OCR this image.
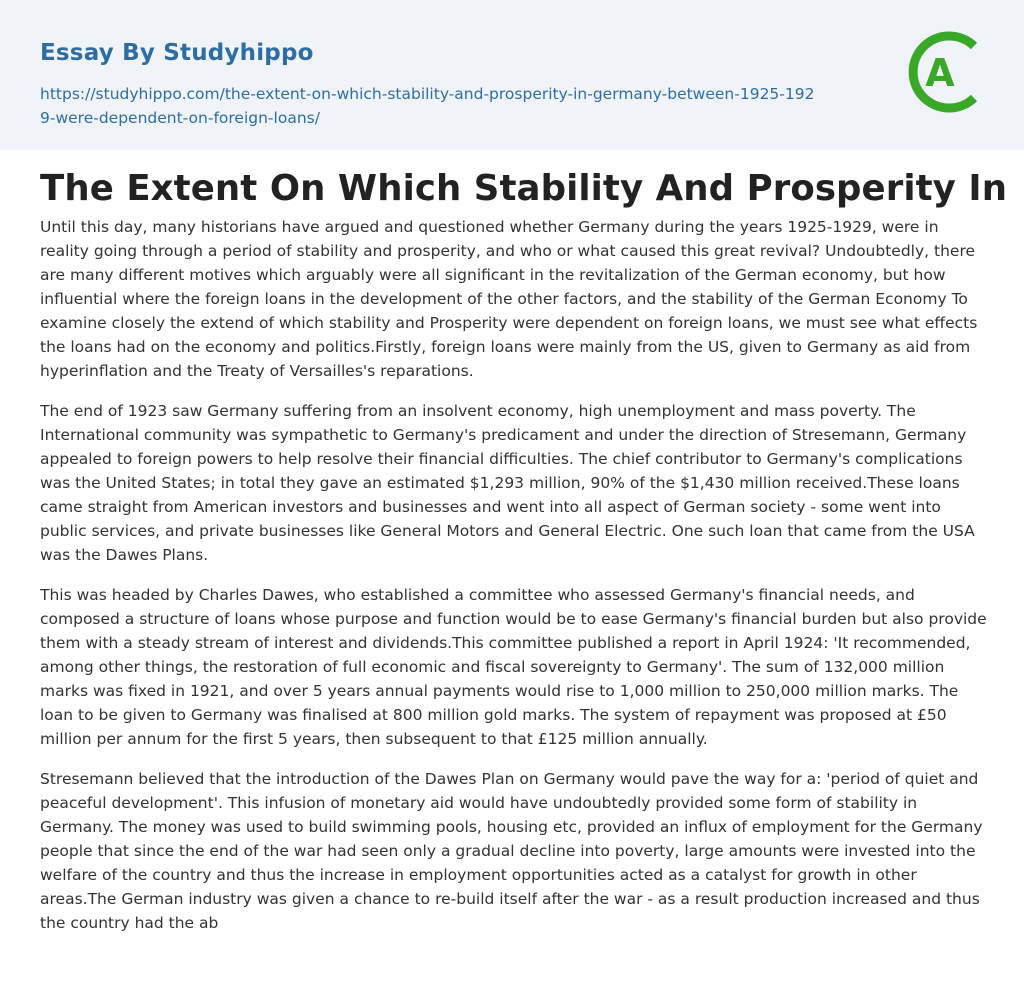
Essay By Studyhippo
https://studyhippo.com/the-extent-on-which-stability-and-prosperity-in-germany-between-1925-1929-were-dependent-on-foreign-loans/
A
The Extent On Which Stability And Prosperity In

Until this day, many historians have argued and questioned whether Germany during the years 1925-1929, were in reality going through a period of stability and prosperity, and who or what caused this great revival? Undoubtedly, there are many different motives which arguably were all significant in the revitalization of the German economy, but how influential where the foreign loans in the development of the other factors, and the stability of the German Economy To examine closely the extend of which stability and Prosperity were dependent on foreign loans, we must see what effects the loans had on the economy and politics.Firstly, foreign loans were mainly from the US, given to Germany as aid from hyperinflation and the Treaty of Versailles's reparations.

The end of 1923 saw Germany suffering from an insolvent economy, high unemployment and mass poverty. The International community was sympathetic to Germany's predicament and under the direction of Stresemann, Germany appealed to foreign powers to help resolve their financial difficulties. The chief contributor to Germany's complications was the United States; in total they gave an estimated $1,293 million, 90% of the $1,430 million received.These loans came straight from American investors and businesses and went into all aspect of German society - some went into public services, and private businesses like General Motors and General Electric. One such loan that came from the USA was the Dawes Plans.

This was headed by Charles Dawes, who established a committee who assessed Germany's financial needs, and composed a structure of loans whose purpose and function would be to ease Germany's financial burden but also provide them with a steady stream of interest and dividends.This committee published a report in April 1924: 'It recommended, among other things, the restoration of full economic and fiscal sovereignty to Germany'. The sum of 132,000 million marks was fixed in 1921, and over 5 years annual payments would rise to 1,000 million to 250,000 million marks. The loan to be given to Germany was finalised at 800 million gold marks. The system of repayment was proposed at £50 million per annum for the first 5 years, then subsequent to that £125 million annually.

Stresemann believed that the introduction of the Dawes Plan on Germany would pave the way for a: 'period of quiet and peaceful development'. This infusion of monetary aid would have undoubtedly provided some form of stability in Germany. The money was used to build swimming pools, housing etc, provided an influx of employment for the Germany people that since the end of the war had seen only a gradual decline into poverty, large amounts were invested into the welfare of the country and thus the increase in employment opportunities acted as a catalyst for growth in other areas.The German industry was given a chance to re-build itself after the war - as a result production increased and thus the country had the ab
